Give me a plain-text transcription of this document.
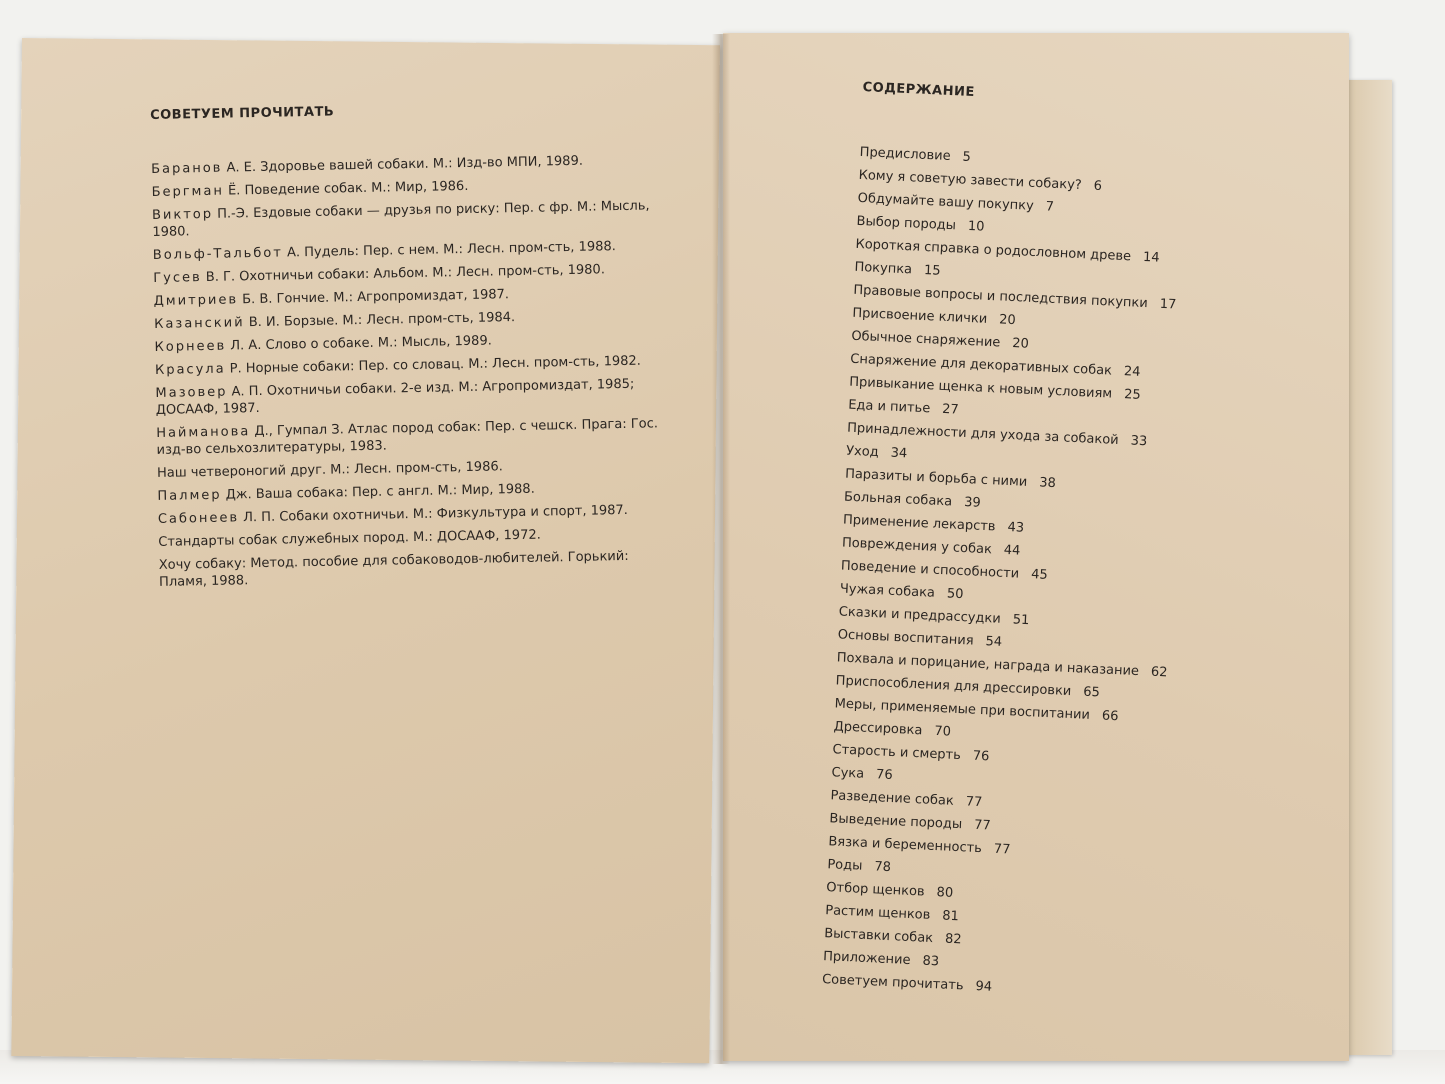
СОВЕТУЕМ ПРОЧИТАТЬ
Баранов А. Е. Здоровье вашей собаки. М.: Изд-во МПИ, 1989.
Бергман Ё. Поведение собак. М.: Мир, 1986.
Виктор П.-Э. Ездовые собаки — друзья по риску: Пер. с фр. М.: Мысль, 1980.
Вольф-Тальбот А. Пудель: Пер. с нем. М.: Лесн. пром-сть, 1988.
Гусев В. Г. Охотничьи собаки: Альбом. М.: Лесн. пром-сть, 1980.
Дмитриев Б. В. Гончие. М.: Агропромиздат, 1987.
Казанский В. И. Борзые. М.: Лесн. пром-сть, 1984.
Корнеев Л. А. Слово о собаке. М.: Мысль, 1989.
Красула Р. Норные собаки: Пер. со словац. М.: Лесн. пром-сть, 1982.
Мазовер А. П. Охотничьи собаки. 2-е изд. М.: Агропромиздат, 1985; ДОСААФ, 1987.
Найманова Д., Гумпал З. Атлас пород собак: Пер. с чешск. Прага: Гос. изд-во сельхозлитературы, 1983.
Наш четвероногий друг. М.: Лесн. пром-сть, 1986.
Палмер Дж. Ваша собака: Пер. с англ. М.: Мир, 1988.
Сабонеев Л. П. Собаки охотничьи. М.: Физкультура и спорт, 1987.
Стандарты собак служебных пород. М.: ДОСААФ, 1972.
Хочу собаку: Метод. пособие для собаководов-любителей. Горький: Пламя, 1988.
СОДЕРЖАНИЕ
Предисловие 5
Кому я советую завести собаку? 6
Обдумайте вашу покупку 7
Выбор породы 10
Короткая справка о родословном древе 14
Покупка 15
Правовые вопросы и последствия покупки 17
Присвоение клички 20
Обычное снаряжение 20
Снаряжение для декоративных собак 24
Привыкание щенка к новым условиям 25
Еда и питье 27
Принадлежности для ухода за собакой 33
Уход 34
Паразиты и борьба с ними 38
Больная собака 39
Применение лекарств 43
Повреждения у собак 44
Поведение и способности 45
Чужая собака 50
Сказки и предрассудки 51
Основы воспитания 54
Похвала и порицание, награда и наказание 62
Приспособления для дрессировки 65
Меры, применяемые при воспитании 66
Дрессировка 70
Старость и смерть 76
Сука 76
Разведение собак 77
Выведение породы 77
Вязка и беременность 77
Роды 78
Отбор щенков 80
Растим щенков 81
Выставки собак 82
Приложение 83
Советуем прочитать 94
